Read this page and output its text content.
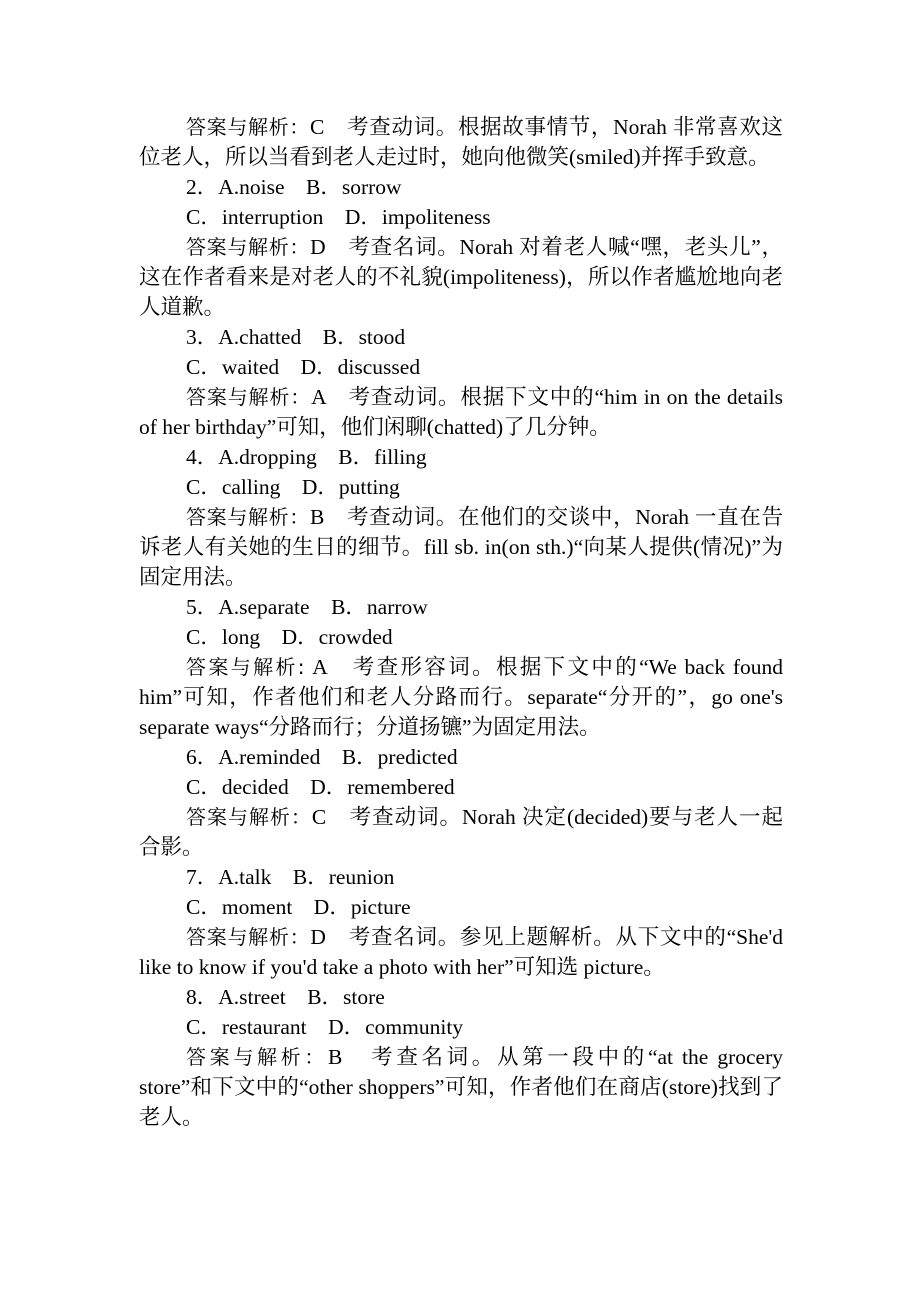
答案与解析：C　考查动词。根据故事情节，Norah 非常喜欢这位老人，所以当看到老人走过时，她向他微笑(smiled)并挥手致意。

2．A.noise　B．sorrow
C．interruption　D．impoliteness

答案与解析：D　考查名词。Norah 对着老人喊“嘿，老头儿”，这在作者看来是对老人的不礼貌(impoliteness)，所以作者尴尬地向老人道歉。

3．A.chatted　B．stood
C．waited　D．discussed

答案与解析：A　考查动词。根据下文中的“him in on the details of her birthday”可知，他们闲聊(chatted)了几分钟。

4．A.dropping　B．filling
C．calling　D．putting

答案与解析：B　考查动词。在他们的交谈中，Norah 一直在告诉老人有关她的生日的细节。fill sb. in(on sth.)“向某人提供(情况)”为固定用法。

5．A.separate　B．narrow
C．long　D．crowded

答案与解析: A　考查形容词。根据下文中的“We back found him”可知，作者他们和老人分路而行。separate“分开的”，go one's separate ways“分路而行；分道扬镳”为固定用法。

6．A.reminded　B．predicted
C．decided　D．remembered

答案与解析：C　考查动词。Norah 决定(decided)要与老人一起合影。

7．A.talk　B．reunion
C．moment　D．picture

答案与解析：D　考查名词。参见上题解析。从下文中的“She'd like to know if you'd take a photo with her”可知选 picture。

8．A.street　B．store
C．restaurant　D．community

答案与解析：B　考查名词。从第一段中的“at the grocery store”和下文中的“other shoppers”可知，作者他们在商店(store)找到了老人。
